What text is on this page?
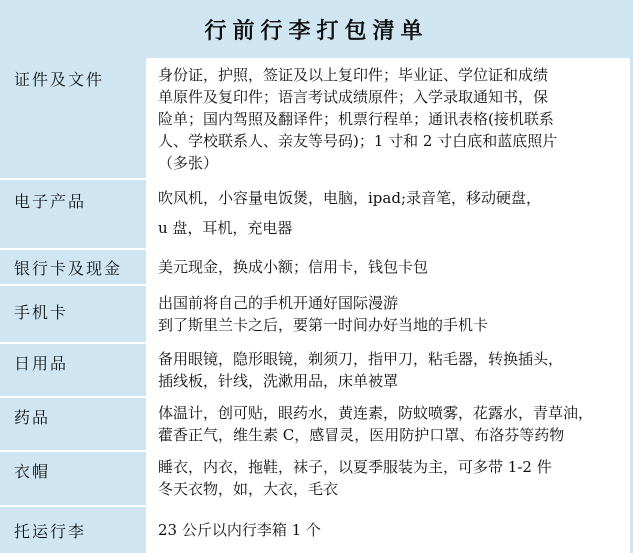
行前行李打包清单
证件及文件	身份证，护照，签证及以上复印件；毕业证、学位证和成绩
单原件及复印件；语言考试成绩原件；入学录取通知书，保
险单；国内驾照及翻译件；机票行程单；通讯表格(接机联系
人、学校联系人、亲友等号码)；1 寸和 2 寸白底和蓝底照片
（多张）
电子产品	吹风机，小容量电饭煲，电脑，ipad;录音笔，移动硬盘，
u 盘，耳机，充电器
银行卡及现金	美元现金，换成小额；信用卡，钱包卡包
手机卡	出国前将自己的手机开通好国际漫游
到了斯里兰卡之后，要第一时间办好当地的手机卡
日用品	备用眼镜，隐形眼镜，剃须刀，指甲刀，粘毛器，转换插头，
插线板，针线，洗漱用品，床单被罩
药品	体温计，创可贴，眼药水，黄连素，防蚊喷雾，花露水，青草油，
藿香正气，维生素 C，感冒灵，医用防护口罩、布洛芬等药物
衣帽	睡衣，内衣，拖鞋，袜子，以夏季服装为主，可多带 1-2 件
冬天衣物，如，大衣，毛衣
托运行李	23 公斤以内行李箱 1 个
